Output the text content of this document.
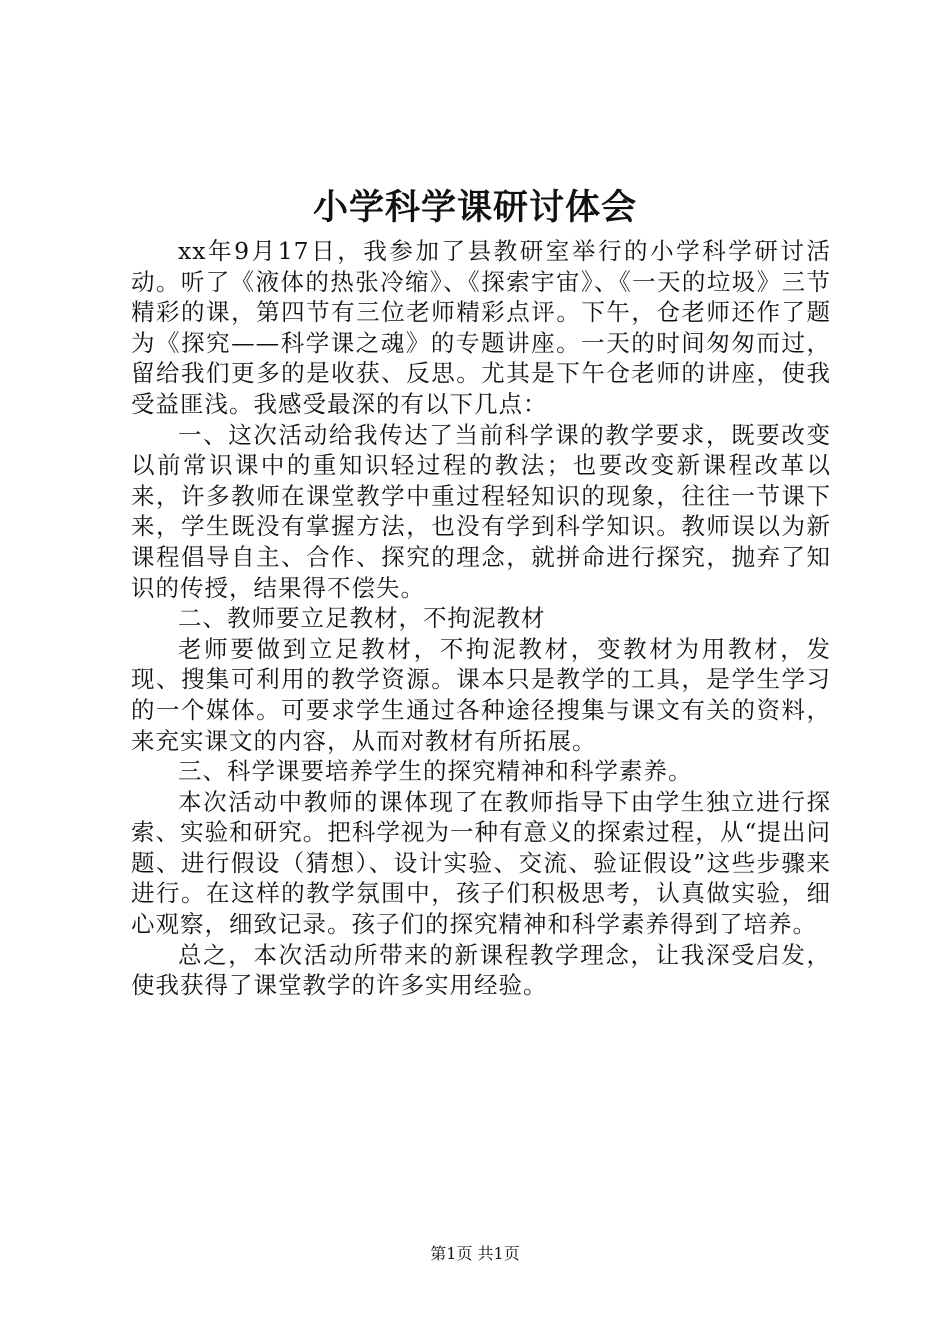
小学科学课研讨体会

xx年9月17日，我参加了县教研室举行的小学科学研讨活动。听了《液体的热张冷缩》、《探索宇宙》、《一天的垃圾》三节精彩的课，第四节有三位老师精彩点评。下午，仓老师还作了题为《探究——科学课之魂》的专题讲座。一天的时间匆匆而过，留给我们更多的是收获、反思。尤其是下午仓老师的讲座，使我受益匪浅。我感受最深的有以下几点：

一、这次活动给我传达了当前科学课的教学要求，既要改变以前常识课中的重知识轻过程的教法；也要改变新课程改革以来，许多教师在课堂教学中重过程轻知识的现象，往往一节课下来，学生既没有掌握方法，也没有学到科学知识。教师误以为新课程倡导自主、合作、探究的理念，就拼命进行探究，抛弃了知识的传授，结果得不偿失。

二、教师要立足教材，不拘泥教材

老师要做到立足教材，不拘泥教材，变教材为用教材，发现、搜集可利用的教学资源。课本只是教学的工具，是学生学习的一个媒体。可要求学生通过各种途径搜集与课文有关的资料，来充实课文的内容，从而对教材有所拓展。

三、科学课要培养学生的探究精神和科学素养。

本次活动中教师的课体现了在教师指导下由学生独立进行探索、实验和研究。把科学视为一种有意义的探索过程，从“提出问题、进行假设（猜想）、设计实验、交流、验证假设”这些步骤来进行。在这样的教学氛围中，孩子们积极思考，认真做实验，细心观察，细致记录。孩子们的探究精神和科学素养得到了培养。

总之，本次活动所带来的新课程教学理念，让我深受启发，使我获得了课堂教学的许多实用经验。

第1页 共1页
